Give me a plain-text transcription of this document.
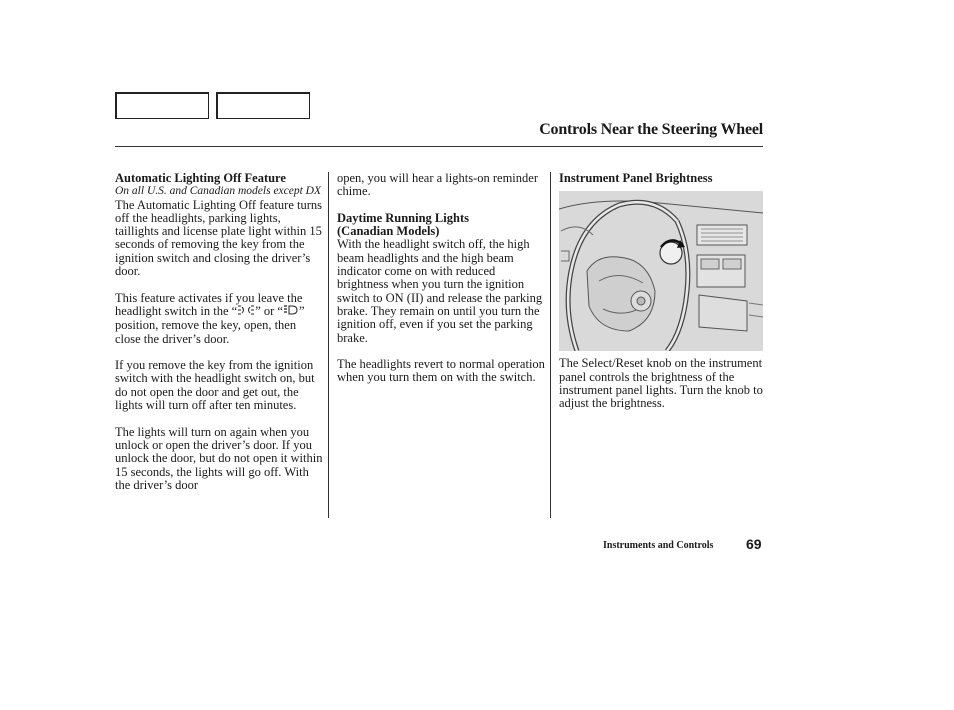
Controls Near the Steering Wheel

Automatic Lighting Off Feature

On all U.S. and Canadian models except DX

The Automatic Lighting Off feature turns off the headlights, parking lights, taillights and license plate light within 15 seconds of removing the key from the ignition switch and closing the driver’s door.

This feature activates if you leave the headlight switch in the “ ” or “ ” position, remove the key, open, then close the driver’s door.

If you remove the key from the ignition switch with the headlight switch on, but do not open the door and get out, the lights will turn off after ten minutes.

The lights will turn on again when you unlock or open the driver’s door. If you unlock the door, but do not open it within 15 seconds, the lights will go off. With the driver’s door

open, you will hear a lights-on reminder chime.

Daytime Running Lights

(Canadian Models)

With the headlight switch off, the high beam headlights and the high beam indicator come on with reduced brightness when you turn the ignition switch to ON (II) and release the parking brake. They remain on until you turn the ignition off, even if you set the parking brake.

The headlights revert to normal operation when you turn them on with the switch.

Instrument Panel Brightness

The Select/Reset knob on the instrument panel controls the brightness of the instrument panel lights. Turn the knob to adjust the brightness.

Instruments and Controls 69
